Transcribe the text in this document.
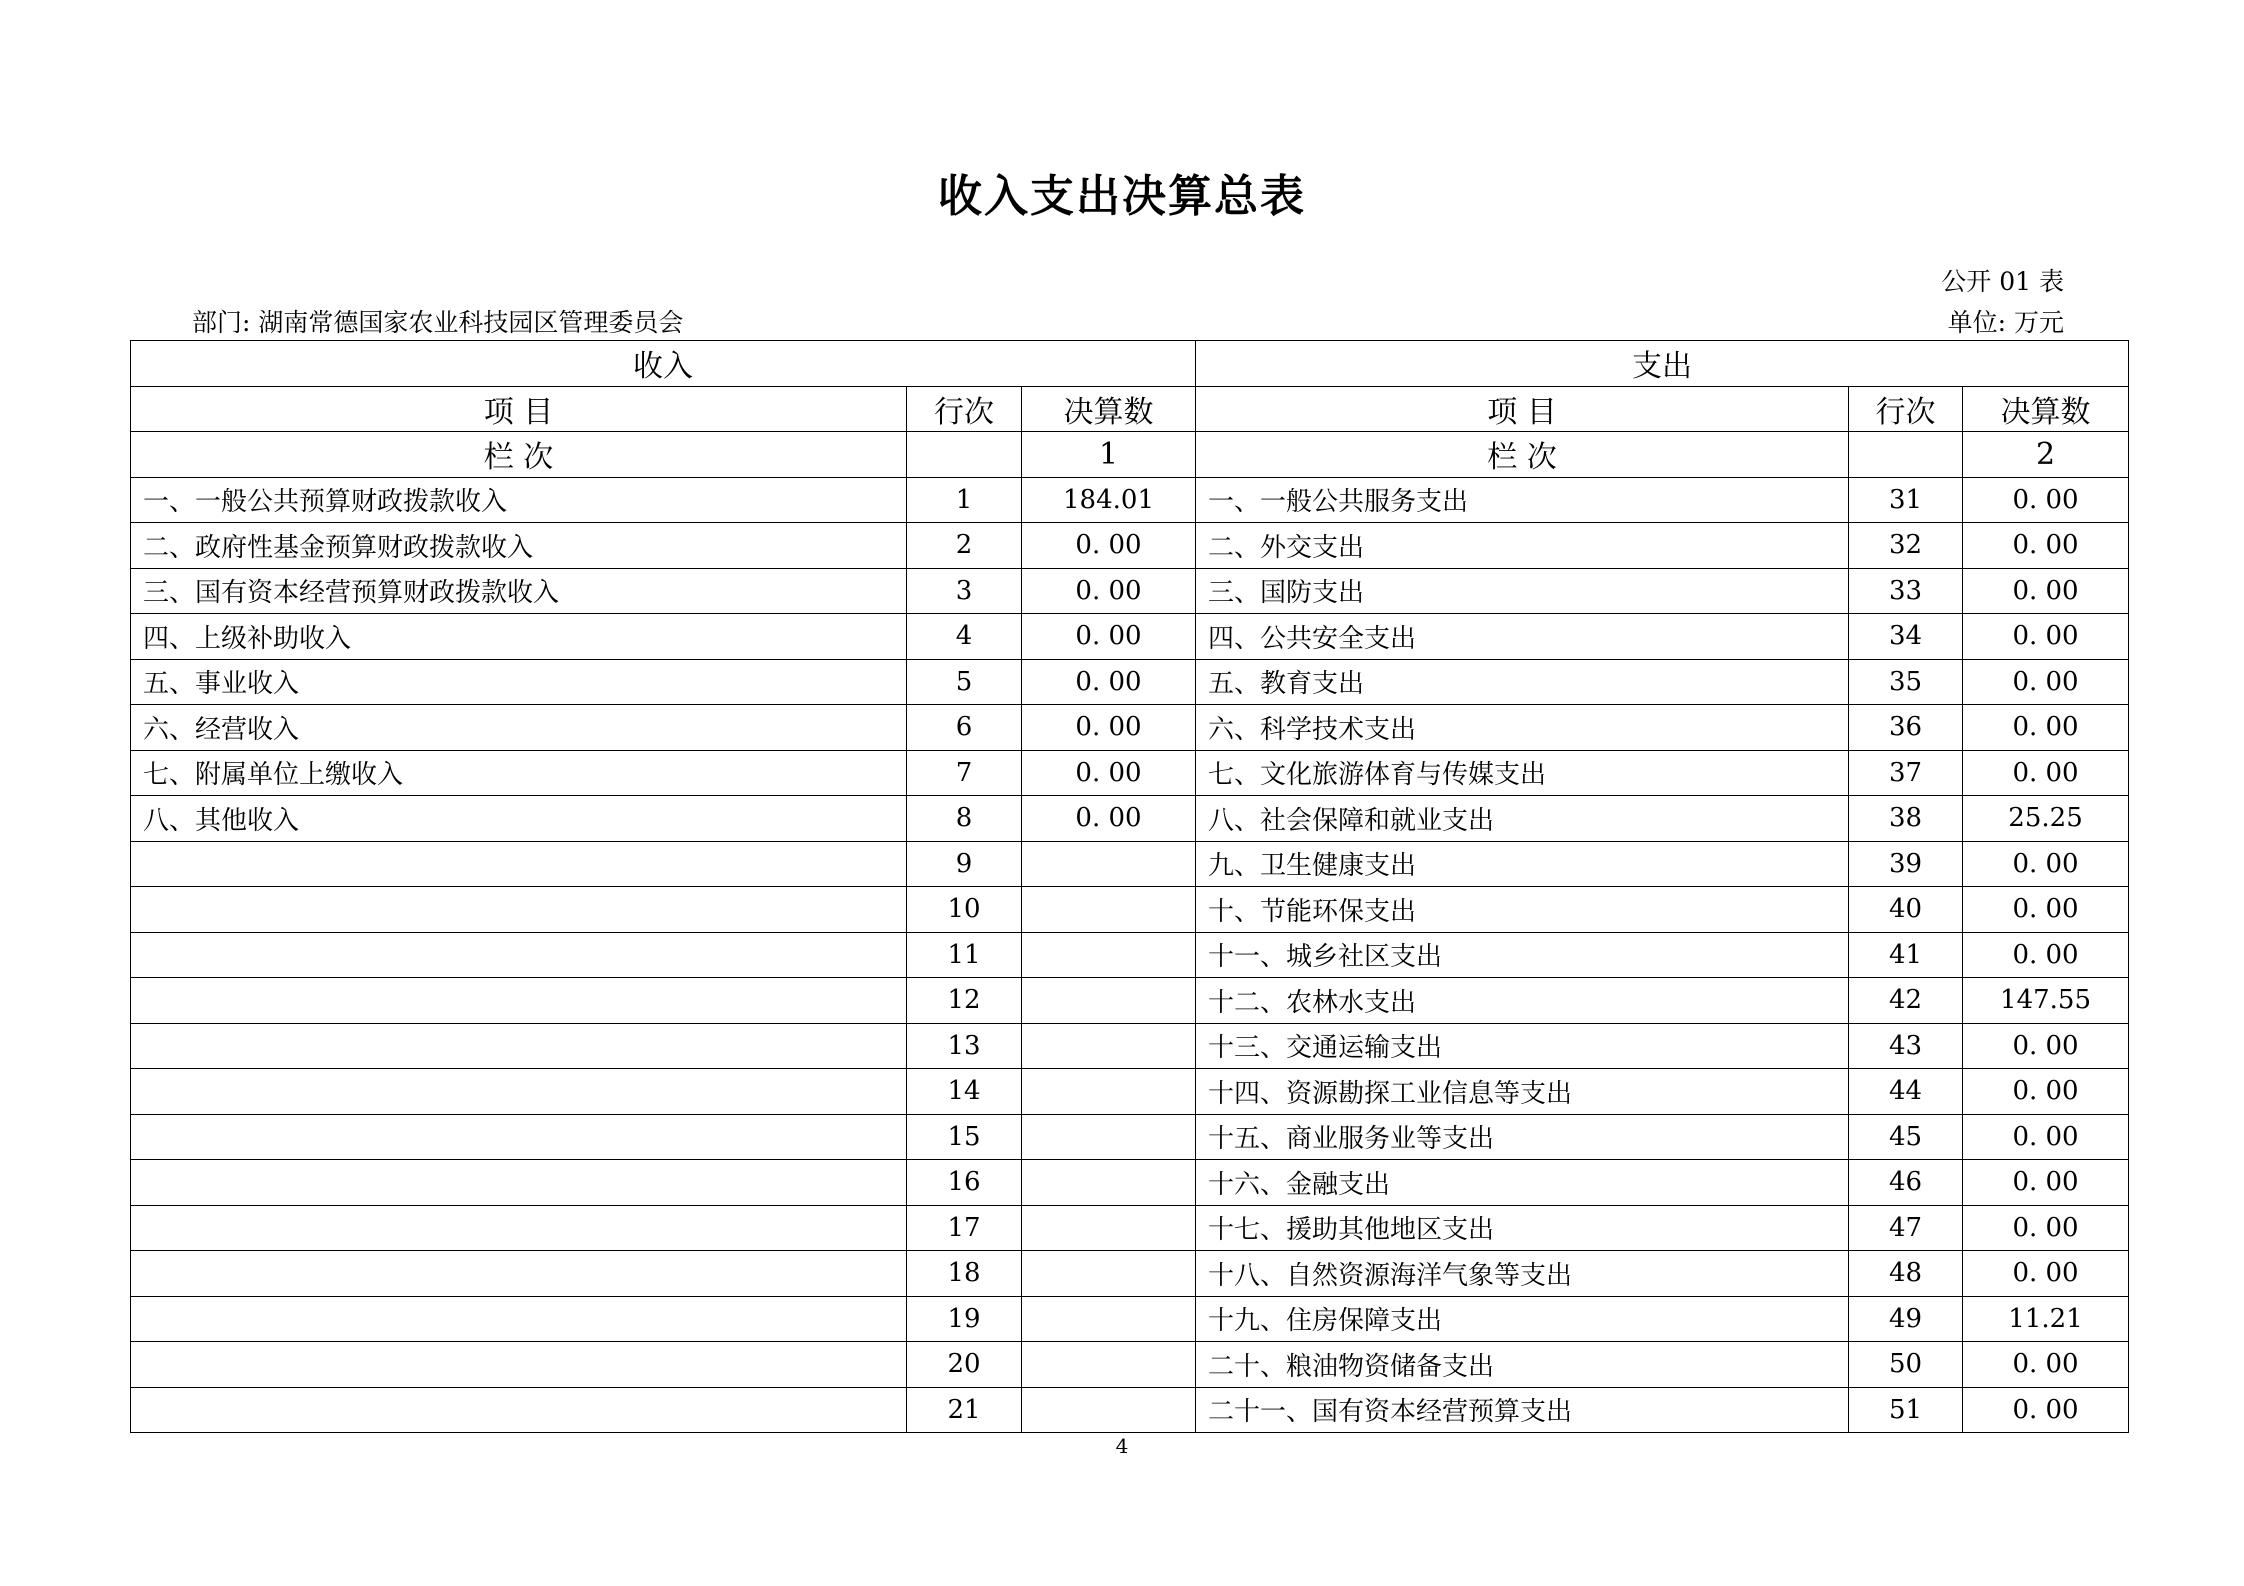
收入支出决算总表
公开 01 表
部门: 湖南常德国家农业科技园区管理委员会	单位: 万元
收入			支出		
项 目	行次	决算数	项 目	行次	决算数
栏 次		1	栏 次		2
一、一般公共预算财政拨款收入	1	184.01	一、一般公共服务支出	31	0. 00
二、政府性基金预算财政拨款收入	2	0. 00	二、外交支出	32	0. 00
三、国有资本经营预算财政拨款收入	3	0. 00	三、国防支出	33	0. 00
四、上级补助收入	4	0. 00	四、公共安全支出	34	0. 00
五、事业收入	5	0. 00	五、教育支出	35	0. 00
六、经营收入	6	0. 00	六、科学技术支出	36	0. 00
七、附属单位上缴收入	7	0. 00	七、文化旅游体育与传媒支出	37	0. 00
八、其他收入	8	0. 00	八、社会保障和就业支出	38	25.25
	9		九、卫生健康支出	39	0. 00
	10		十、节能环保支出	40	0. 00
	11		十一、城乡社区支出	41	0. 00
	12		十二、农林水支出	42	147.55
	13		十三、交通运输支出	43	0. 00
	14		十四、资源勘探工业信息等支出	44	0. 00
	15		十五、商业服务业等支出	45	0. 00
	16		十六、金融支出	46	0. 00
	17		十七、援助其他地区支出	47	0. 00
	18		十八、自然资源海洋气象等支出	48	0. 00
	19		十九、住房保障支出	49	11.21
	20		二十、粮油物资储备支出	50	0. 00
	21		二十一、国有资本经营预算支出	51	0. 00
4
